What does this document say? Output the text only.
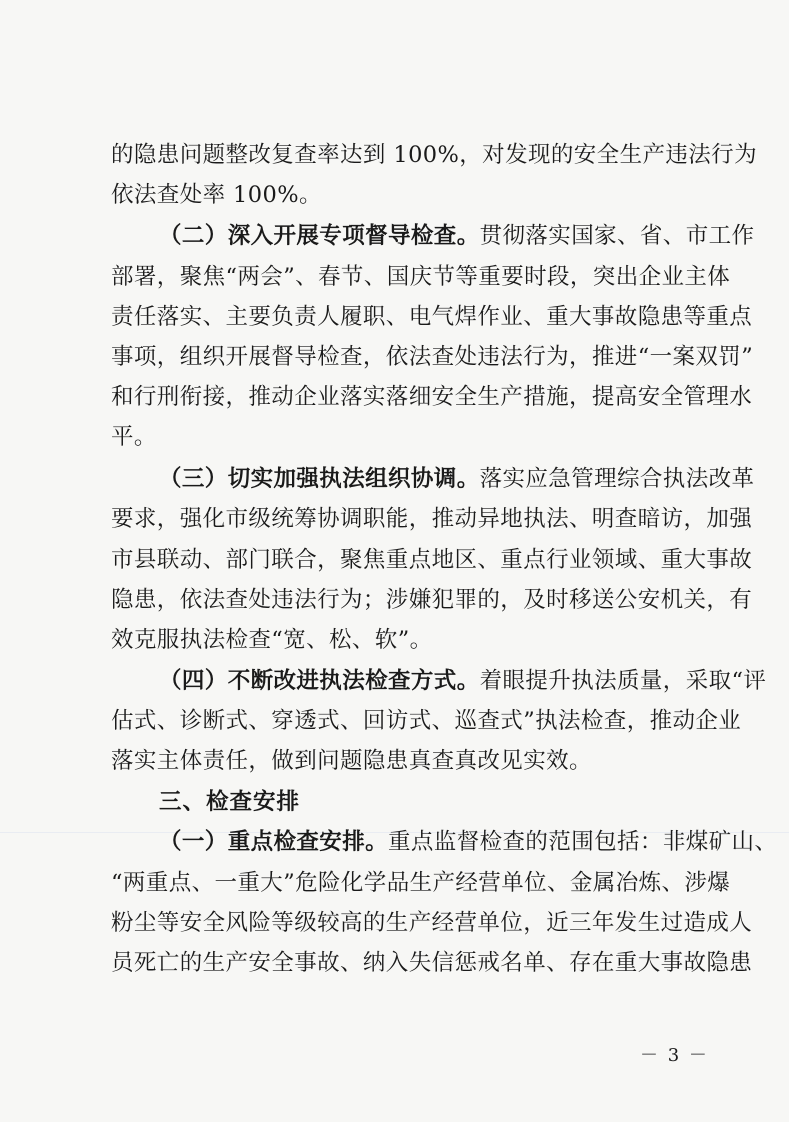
的隐患问题整改复查率达到 100%，对发现的安全生产违法行为
依法查处率 100%。
（二）深入开展专项督导检查。贯彻落实国家、省、市工作
部署，聚焦“两会”、春节、国庆节等重要时段，突出企业主体
责任落实、主要负责人履职、电气焊作业、重大事故隐患等重点
事项，组织开展督导检查，依法查处违法行为，推进“一案双罚”
和行刑衔接，推动企业落实落细安全生产措施，提高安全管理水
平。
（三）切实加强执法组织协调。落实应急管理综合执法改革
要求，强化市级统筹协调职能，推动异地执法、明查暗访，加强
市县联动、部门联合，聚焦重点地区、重点行业领域、重大事故
隐患，依法查处违法行为；涉嫌犯罪的，及时移送公安机关，有
效克服执法检查“宽、松、软”。
（四）不断改进执法检查方式。着眼提升执法质量，采取“评
估式、诊断式、穿透式、回访式、巡查式”执法检查，推动企业
落实主体责任，做到问题隐患真查真改见实效。
三、检查安排
（一）重点检查安排。重点监督检查的范围包括：非煤矿山、
“两重点、一重大”危险化学品生产经营单位、金属冶炼、涉爆
粉尘等安全风险等级较高的生产经营单位，近三年发生过造成人
员死亡的生产安全事故、纳入失信惩戒名单、存在重大事故隐患
－ 3 －
